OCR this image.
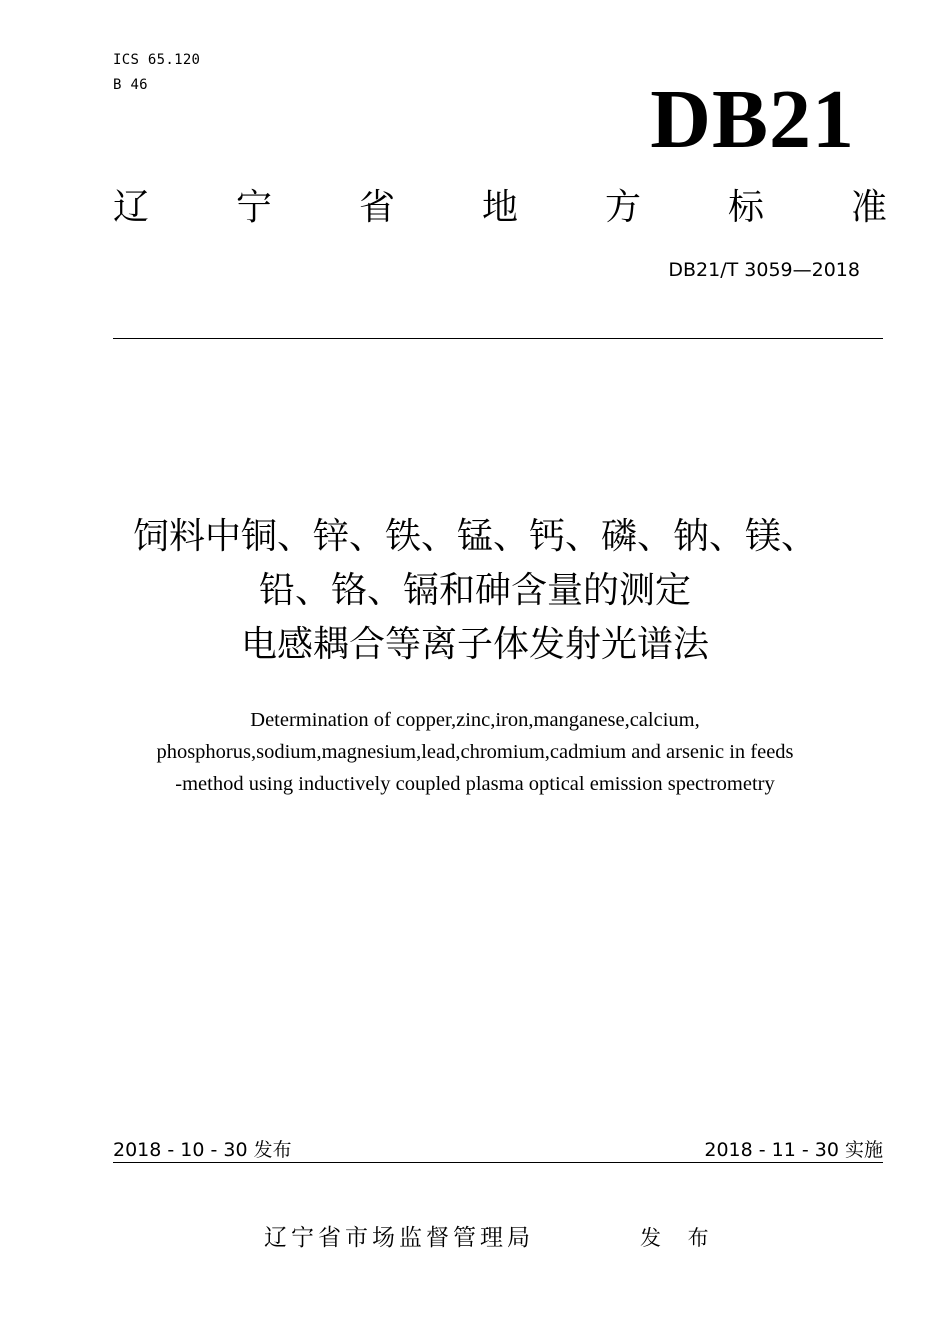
ICS 65.120
B 46	DB21
辽 宁 省 地 方 标 准
DB21/T 3059—2018
饲料中铜、锌、铁、锰、钙、磷、钠、镁、
铅、铬、镉和砷含量的测定
电感耦合等离子体发射光谱法
Determination of copper,zinc,iron,manganese,calcium,
phosphorus,sodium,magnesium,lead,chromium,cadmium and arsenic in feeds
-method using inductively coupled plasma optical emission spectrometry
2018 - 10 - 30 发布	2018 - 11 - 30 实施
辽宁省市场监督管理局	发 布
